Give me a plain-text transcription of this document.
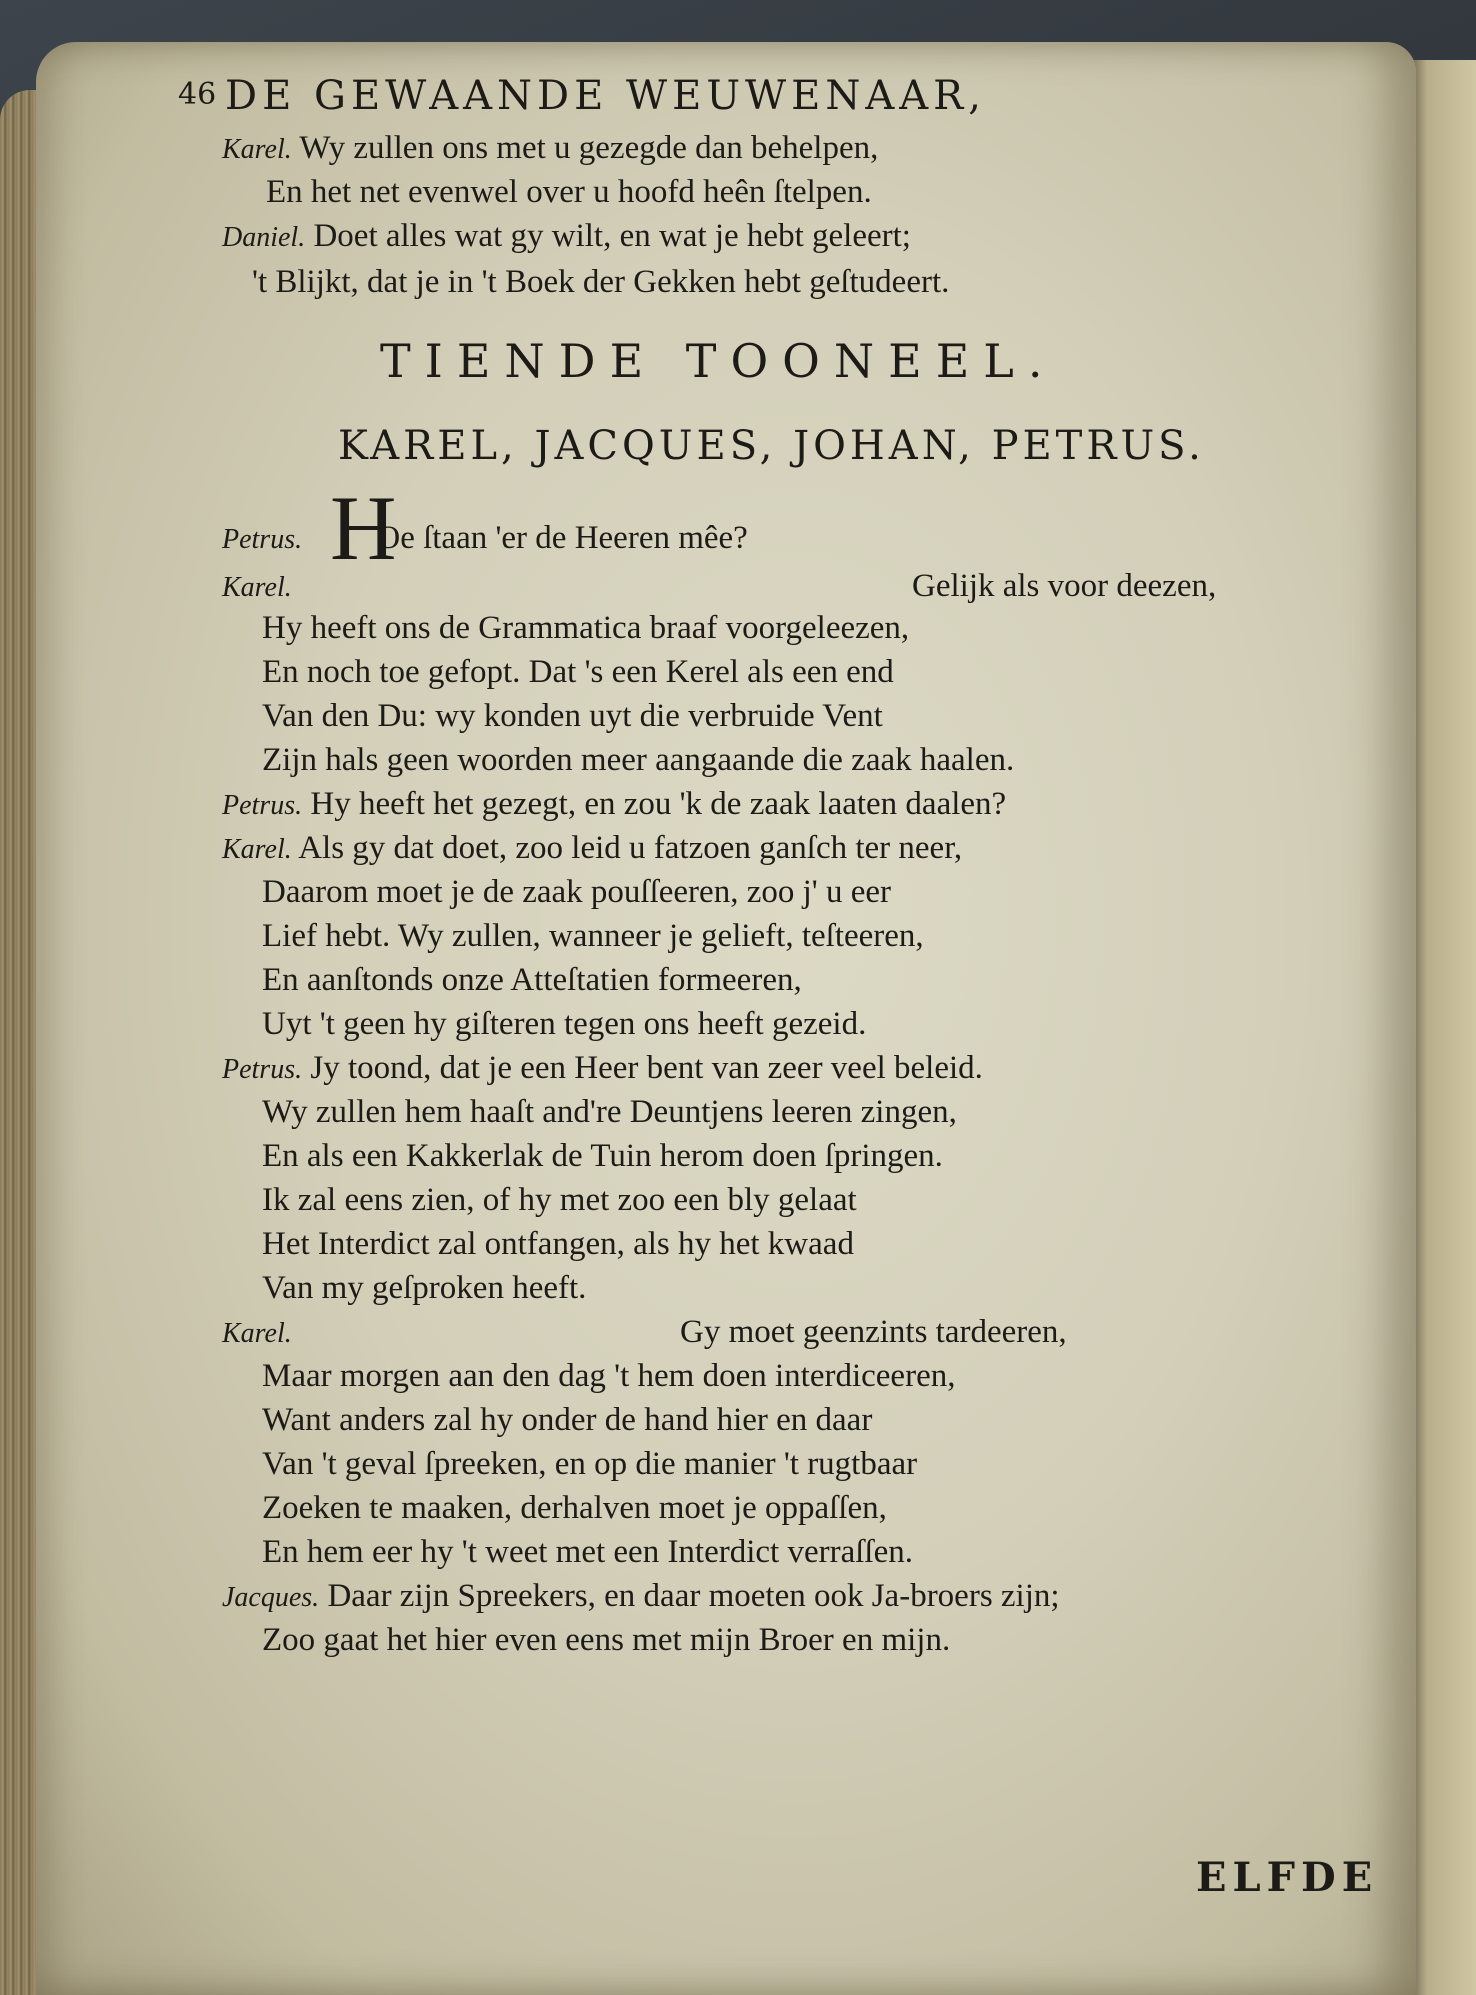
46 DE GEWAANDE WEUWENAAR,
Karel. Wy zullen ons met u gezegde dan behelpen,
En het net evenwel over u hoofd heên ſtelpen.
Daniel. Doet alles wat gy wilt, en wat je hebt geleert;
't Blijkt, dat je in 't Boek der Gekken hebt geſtudeert.
TIENDE TOONEEL.
KAREL, JACQUES, JOHAN, PETRUS.
H
Petrus. Oe ſtaan 'er de Heeren mêe?
Karel.	Gelijk als voor deezen,
Hy heeft ons de Grammatica braaf voorgeleezen,
En noch toe gefopt. Dat 's een Kerel als een end
Van den Du: wy konden uyt die verbruide Vent
Zijn hals geen woorden meer aangaande die zaak haalen.
Petrus. Hy heeft het gezegt, en zou 'k de zaak laaten daalen?
Karel. Als gy dat doet, zoo leid u fatzoen ganſch ter neer,
Daarom moet je de zaak pouſſeeren, zoo j' u eer
Lief hebt. Wy zullen, wanneer je gelieft, teſteeren,
En aanſtonds onze Atteſtatien formeeren,
Uyt 't geen hy giſteren tegen ons heeft gezeid.
Petrus. Jy toond, dat je een Heer bent van zeer veel beleid.
Wy zullen hem haaſt and're Deuntjens leeren zingen,
En als een Kakkerlak de Tuin herom doen ſpringen.
Ik zal eens zien, of hy met zoo een bly gelaat
Het Interdict zal ontfangen, als hy het kwaad
Van my geſproken heeft.
Karel.	Gy moet geenzints tardeeren,
Maar morgen aan den dag 't hem doen interdiceeren,
Want anders zal hy onder de hand hier en daar
Van 't geval ſpreeken, en op die manier 't rugtbaar
Zoeken te maaken, derhalven moet je oppaſſen,
En hem eer hy 't weet met een Interdict verraſſen.
Jacques. Daar zijn Spreekers, en daar moeten ook Ja-broers zijn;
Zoo gaat het hier even eens met mijn Broer en mijn.
ELFDE
